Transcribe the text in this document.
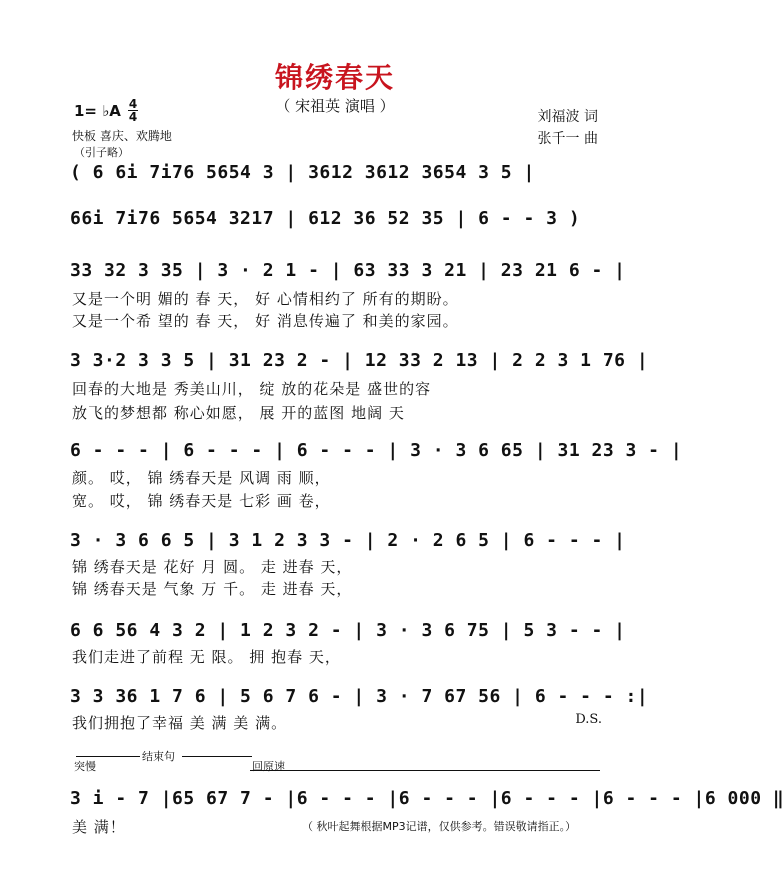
锦绣春天
（ 宋祖英 演唱 ）
刘福波 词
张千一 曲
1= ♭A 4
4
快板 喜庆、欢腾地
（引子略）
( 6 6i 7i76 5654 3 | 3612 3612 3654 3 5 |
66i 7i76 5654 3217 | 612 36 52 35 | 6 - - 3 )
33 32 3 35 | 3 · 2 1 - | 63 33 3 21 | 23 21 6 - |
又是一个明 媚的 春 天， 好 心情相约了 所有的期盼。
又是一个希 望的 春 天， 好 消息传遍了 和美的家园。
3 3·2 3 3 5 | 31 23 2 - | 12 33 2 13 | 2 2 3 1 76 |
回春的大地是 秀美山川， 绽 放的花朵是 盛世的容
放飞的梦想都 称心如愿， 展 开的蓝图 地阔 天
6 - - - | 6 - - - | 6 - - - | 3 · 3 6 65 | 31 23 3 - |
颜。 哎， 锦 绣春天是 风调 雨 顺，
宽。 哎， 锦 绣春天是 七彩 画 卷，
3 · 3 6 6 5 | 3 1 2 3 3 - | 2 · 2 6 5 | 6 - - - |
锦 绣春天是 花好 月 圆。 走 进春 天，
锦 绣春天是 气象 万 千。 走 进春 天，
6 6 56 4 3 2 | 1 2 3 2 - | 3 · 3 6 75 | 5 3 - - |
我们走进了前程 无 限。 拥 抱春 天，
3 3 36 1 7 6 | 5 6 7 6 - | 3 · 7 67 56 | 6 - - - :|
我们拥抱了幸福 美 满 美 满。	D.S.
突慢
结束句
回原速
3 i - 7 |65 67 7 - |6 - - - |6 - - - |6 - - - |6 - - - |6 000 ‖
美 满！	（ 秋叶起舞根据MP3记谱，仅供参考。错误敬请指正。）
